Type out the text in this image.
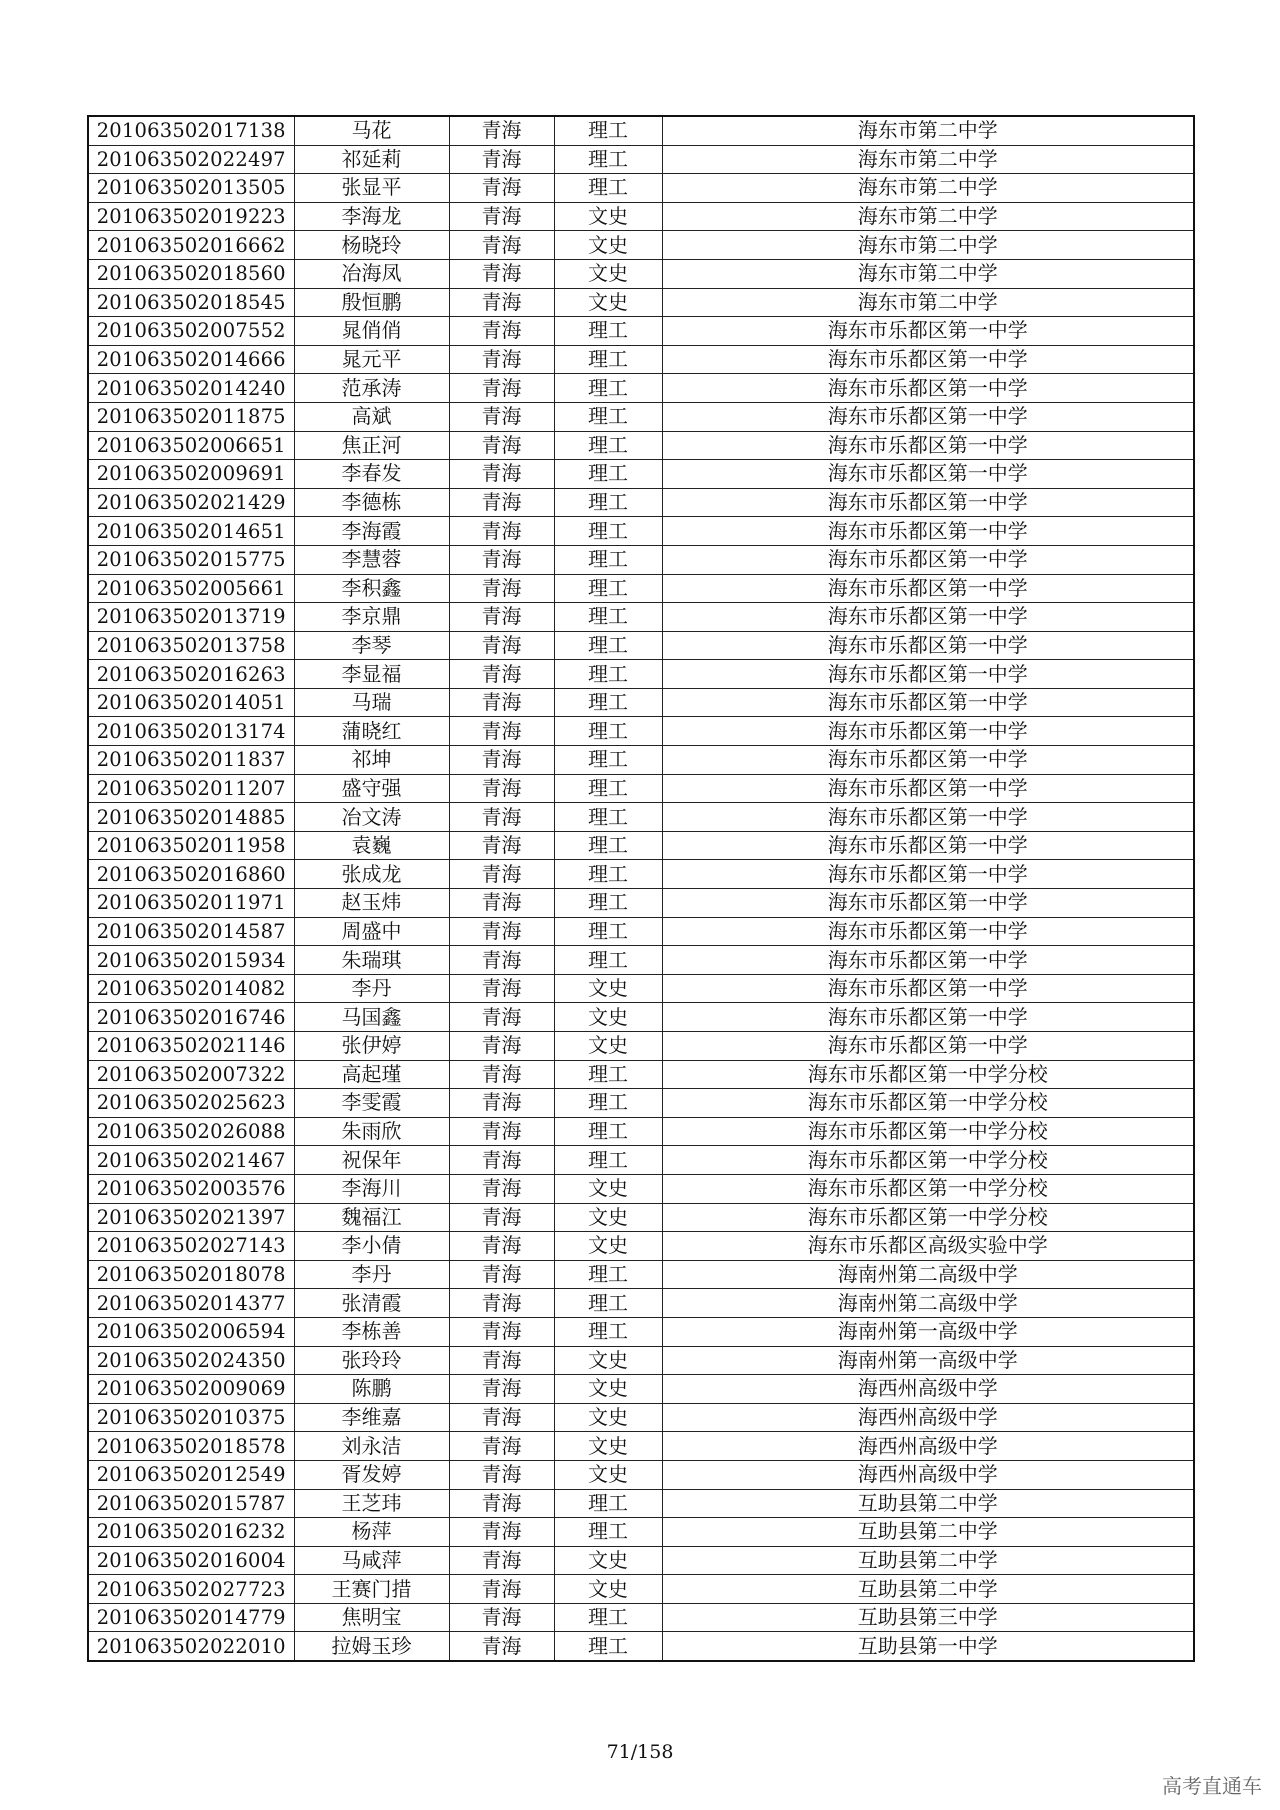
201063502017138	马花	青海	理工	海东市第二中学
201063502022497	祁延莉	青海	理工	海东市第二中学
201063502013505	张显平	青海	理工	海东市第二中学
201063502019223	李海龙	青海	文史	海东市第二中学
201063502016662	杨晓玲	青海	文史	海东市第二中学
201063502018560	冶海凤	青海	文史	海东市第二中学
201063502018545	殷恒鹏	青海	文史	海东市第二中学
201063502007552	晁俏俏	青海	理工	海东市乐都区第一中学
201063502014666	晁元平	青海	理工	海东市乐都区第一中学
201063502014240	范承涛	青海	理工	海东市乐都区第一中学
201063502011875	高斌	青海	理工	海东市乐都区第一中学
201063502006651	焦正河	青海	理工	海东市乐都区第一中学
201063502009691	李春发	青海	理工	海东市乐都区第一中学
201063502021429	李德栋	青海	理工	海东市乐都区第一中学
201063502014651	李海霞	青海	理工	海东市乐都区第一中学
201063502015775	李慧蓉	青海	理工	海东市乐都区第一中学
201063502005661	李积鑫	青海	理工	海东市乐都区第一中学
201063502013719	李京鼎	青海	理工	海东市乐都区第一中学
201063502013758	李琴	青海	理工	海东市乐都区第一中学
201063502016263	李显福	青海	理工	海东市乐都区第一中学
201063502014051	马瑞	青海	理工	海东市乐都区第一中学
201063502013174	蒲晓红	青海	理工	海东市乐都区第一中学
201063502011837	祁坤	青海	理工	海东市乐都区第一中学
201063502011207	盛守强	青海	理工	海东市乐都区第一中学
201063502014885	冶文涛	青海	理工	海东市乐都区第一中学
201063502011958	袁巍	青海	理工	海东市乐都区第一中学
201063502016860	张成龙	青海	理工	海东市乐都区第一中学
201063502011971	赵玉炜	青海	理工	海东市乐都区第一中学
201063502014587	周盛中	青海	理工	海东市乐都区第一中学
201063502015934	朱瑞琪	青海	理工	海东市乐都区第一中学
201063502014082	李丹	青海	文史	海东市乐都区第一中学
201063502016746	马国鑫	青海	文史	海东市乐都区第一中学
201063502021146	张伊婷	青海	文史	海东市乐都区第一中学
201063502007322	高起瑾	青海	理工	海东市乐都区第一中学分校
201063502025623	李雯霞	青海	理工	海东市乐都区第一中学分校
201063502026088	朱雨欣	青海	理工	海东市乐都区第一中学分校
201063502021467	祝保年	青海	理工	海东市乐都区第一中学分校
201063502003576	李海川	青海	文史	海东市乐都区第一中学分校
201063502021397	魏福江	青海	文史	海东市乐都区第一中学分校
201063502027143	李小倩	青海	文史	海东市乐都区高级实验中学
201063502018078	李丹	青海	理工	海南州第二高级中学
201063502014377	张清霞	青海	理工	海南州第二高级中学
201063502006594	李栋善	青海	理工	海南州第一高级中学
201063502024350	张玲玲	青海	文史	海南州第一高级中学
201063502009069	陈鹏	青海	文史	海西州高级中学
201063502010375	李维嘉	青海	文史	海西州高级中学
201063502018578	刘永洁	青海	文史	海西州高级中学
201063502012549	胥发婷	青海	文史	海西州高级中学
201063502015787	王芝玮	青海	理工	互助县第二中学
201063502016232	杨萍	青海	理工	互助县第二中学
201063502016004	马咸萍	青海	文史	互助县第二中学
201063502027723	王赛门措	青海	文史	互助县第二中学
201063502014779	焦明宝	青海	理工	互助县第三中学
201063502022010	拉姆玉珍	青海	理工	互助县第一中学
71/158
高考直通车
